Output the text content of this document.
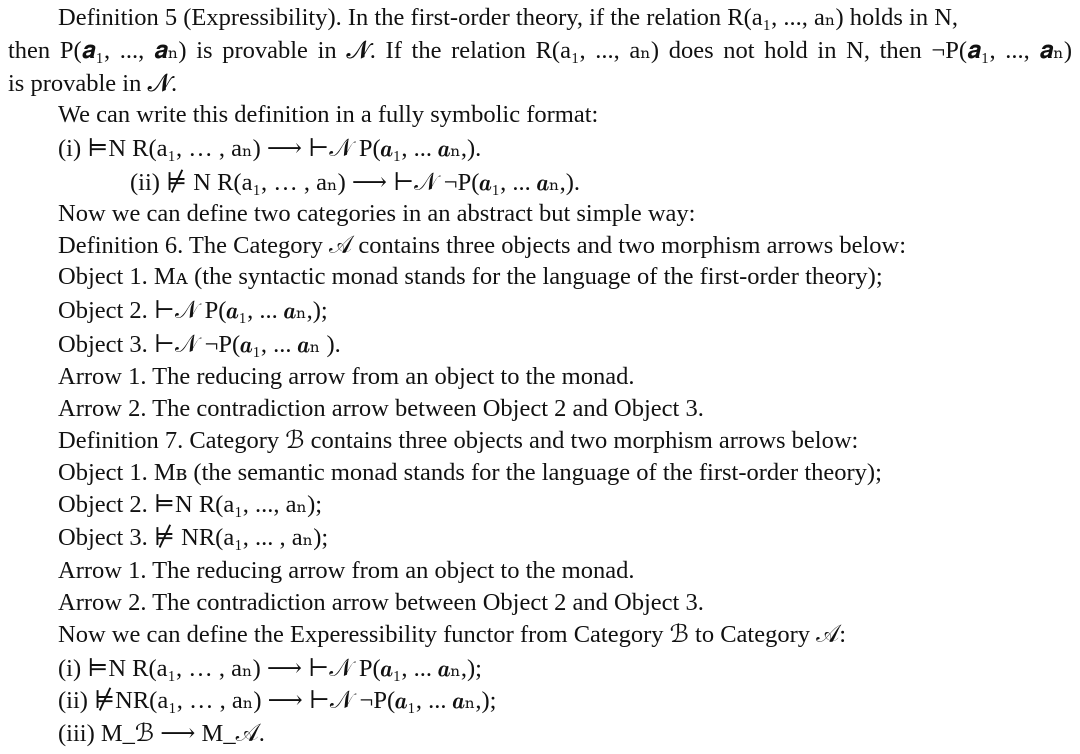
Definition 5 (Expressibility). In the first-order theory, if the relation R(a₁, ..., aₙ) holds in N,
then P(𝒂₁, ..., 𝒂ₙ) is provable in 𝓝. If the relation R(a₁, ..., aₙ) does not hold in N, then ¬P(𝒂₁, ..., 𝒂ₙ)
is provable in 𝓝.
We can write this definition in a fully symbolic format:
(i) ⊨N R(a₁, … , aₙ) ⟶ ⊢𝒩 P(𝒂₁, ... 𝒂ₙ,).
(ii) ⊭ N R(a₁, … , aₙ) ⟶ ⊢𝒩 ¬P(𝒂₁, ... 𝒂ₙ,).
Now we can define two categories in an abstract but simple way:
Definition 6. The Category 𝒜 contains three objects and two morphism arrows below:
Object 1. Mᴀ (the syntactic monad stands for the language of the first-order theory);
Object 2. ⊢𝒩 P(𝒂₁, ... 𝒂ₙ,);
Object 3. ⊢𝒩 ¬P(𝒂₁, ... 𝒂ₙ ).
Arrow 1. The reducing arrow from an object to the monad.
Arrow 2. The contradiction arrow between Object 2 and Object 3.
Definition 7. Category ℬ contains three objects and two morphism arrows below:
Object 1. Mʙ (the semantic monad stands for the language of the first-order theory);
Object 2. ⊨N R(a₁, ..., aₙ);
Object 3. ⊭ NR(a₁, ... , aₙ);
Arrow 1. The reducing arrow from an object to the monad.
Arrow 2. The contradiction arrow between Object 2 and Object 3.
Now we can define the Experessibility functor from Category ℬ to Category 𝒜:
(i) ⊨N R(a₁, … , aₙ) ⟶ ⊢𝒩 P(𝒂₁, ... 𝒂ₙ,);
(ii) ⊭NR(a₁, … , aₙ) ⟶ ⊢𝒩 ¬P(𝒂₁, ... 𝒂ₙ,);
(iii) M_ℬ ⟶ M_𝒜.
